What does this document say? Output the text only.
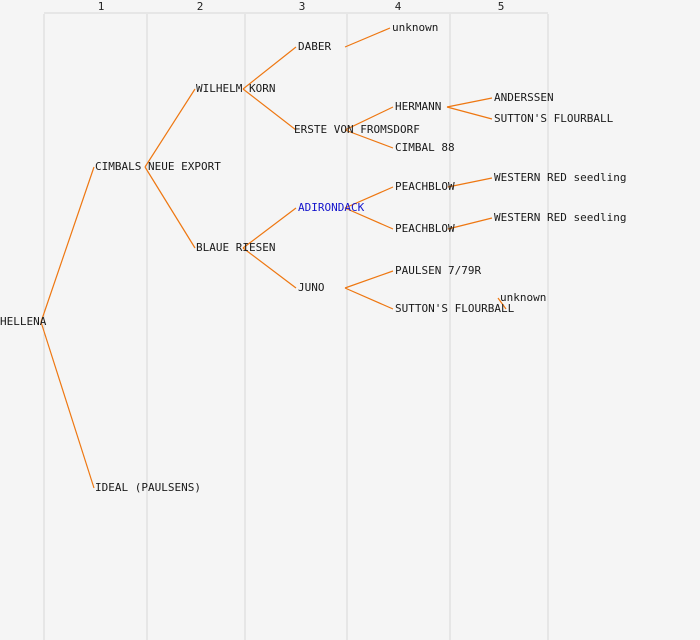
1	2	3	4	5
HELLENA
CIMBALS NEUE EXPORT
IDEAL (PAULSENS)
WILHELM KORN
BLAUE RIESEN
DABER
ERSTE VON FROMSDORF
ADIRONDACK
JUNO
unknown
HERMANN
CIMBAL 88
PEACHBLOW
PEACHBLOW
PAULSEN 7/79R
SUTTON'S FLOURBALL
ANDERSSEN
SUTTON'S FLOURBALL
WESTERN RED seedling
WESTERN RED seedling
unknown
